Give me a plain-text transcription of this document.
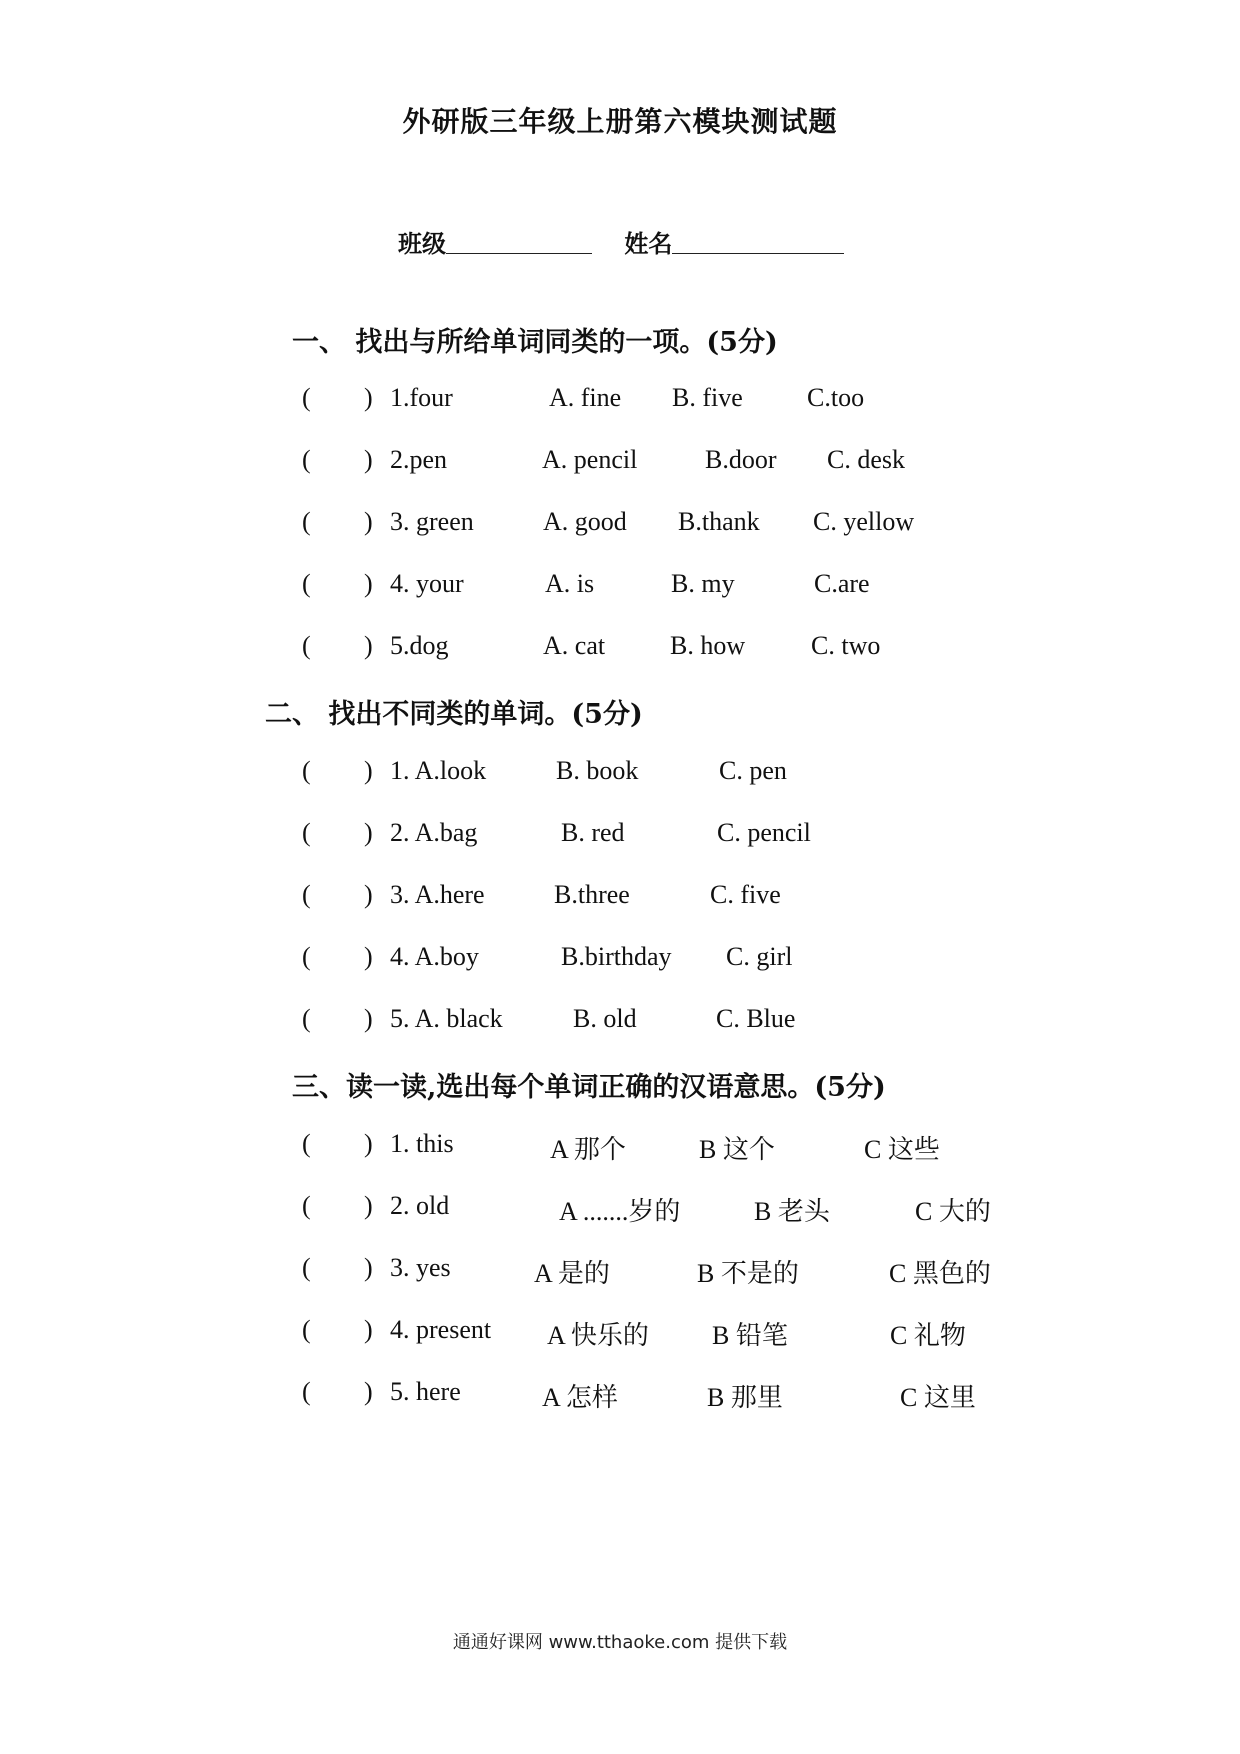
外研版三年级上册第六模块测试题
班级	姓名
一、 找出与所给单词同类的一项。(5分)
( ) 1.four	A. fine B. five C.too
( ) 2.pen	A. pencil	B.door C. desk
( ) 3. green	A. good B.thank C. yellow
( ) 4. your	A. is	B. my	C.are
( ) 5.dog	A. cat B. how	C. two
二、 找出不同类的单词。(5分)
( ) 1. A.look	B. book	C. pen
( ) 2. A.bag	B. red	C. pencil
( ) 3. A.here	B.three	C. five
( ) 4. A.boy	B.birthday C. girl
( ) 5. A. black	B. old	C. Blue
三、读一读,选出每个单词正确的汉语意思。(5分)
( ) 1. this	A 那个	B 这个	C 这些
( ) 2. old	A .......岁的	B 老头	C 大的
( ) 3. yes	A 是的	B 不是的	C 黑色的
( ) 4. present A 快乐的 B 铅笔	C 礼物
( ) 5. here	A 怎样	B 那里	C 这里
通通好课网 www.tthaoke.com 提供下载
